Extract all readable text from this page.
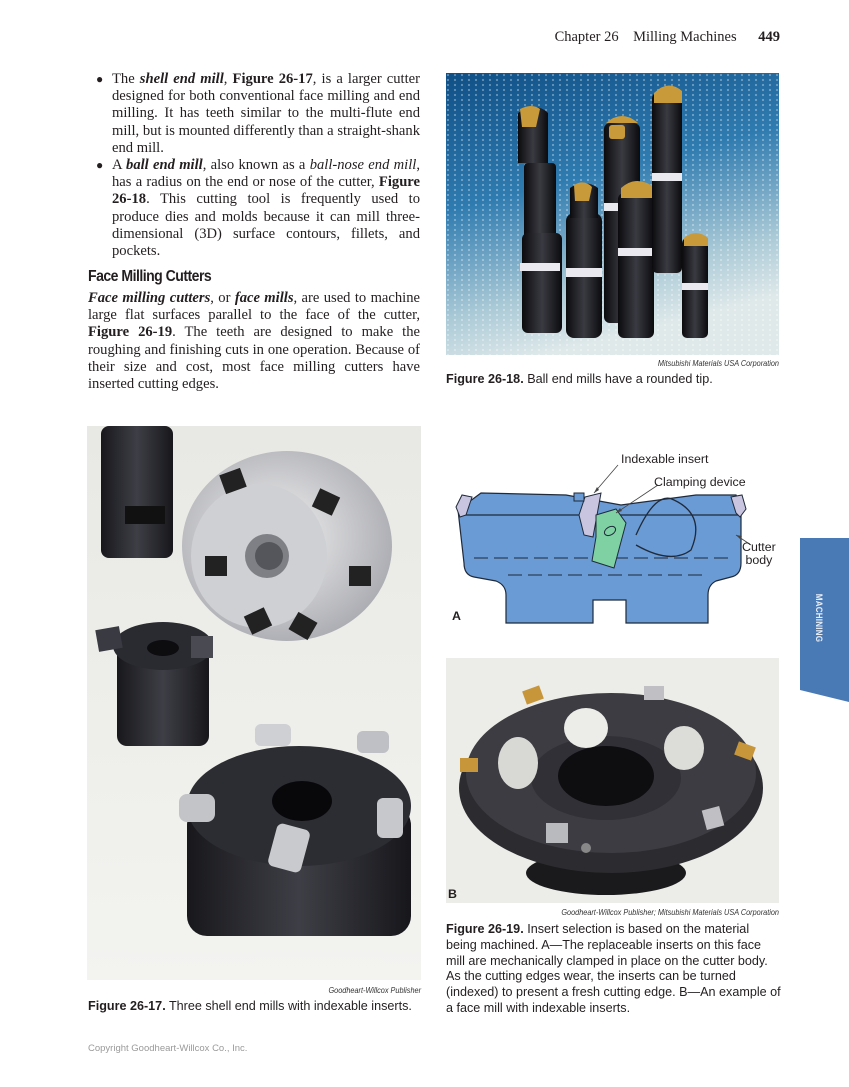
Chapter 26 Milling Machines 449
● The shell end mill, Figure 26-17, is a larger cutter designed for both conventional face milling and end milling. It has teeth similar to the multi-flute end mill, but is mounted differently than a straight-shank end mill.
● A ball end mill, also known as a ball-nose end mill, has a radius on the end or nose of the cutter, Figure 26-18. This cutting tool is frequently used to produce dies and molds because it can mill three-dimensional (3D) surface contours, fillets, and pockets.
Face Milling Cutters
Face milling cutters, or face mills, are used to machine large flat surfaces parallel to the face of the cutter, Figure 26-19. The teeth are designed to make the roughing and finishing cuts in one operation. Because of their size and cost, most face milling cutters have inserted cutting edges.
Mitsubishi Materials USA Corporation
Figure 26-18. Ball end mills have a rounded tip.
Goodheart-Willcox Publisher
Figure 26-17. Three shell end mills with indexable inserts.
Indexable insert
Clamping device
Cutter
body
A
B
Goodheart-Willcox Publisher; Mitsubishi Materials USA Corporation
Figure 26-19. Insert selection is based on the material being machined. A—The replaceable inserts on this face mill are mechanically clamped in place on the cutter body. As the cutting edges wear, the inserts can be turned (indexed) to present a fresh cutting edge. B—An example of a face mill with indexable inserts.
MACHINING
Copyright Goodheart-Willcox Co., Inc.
